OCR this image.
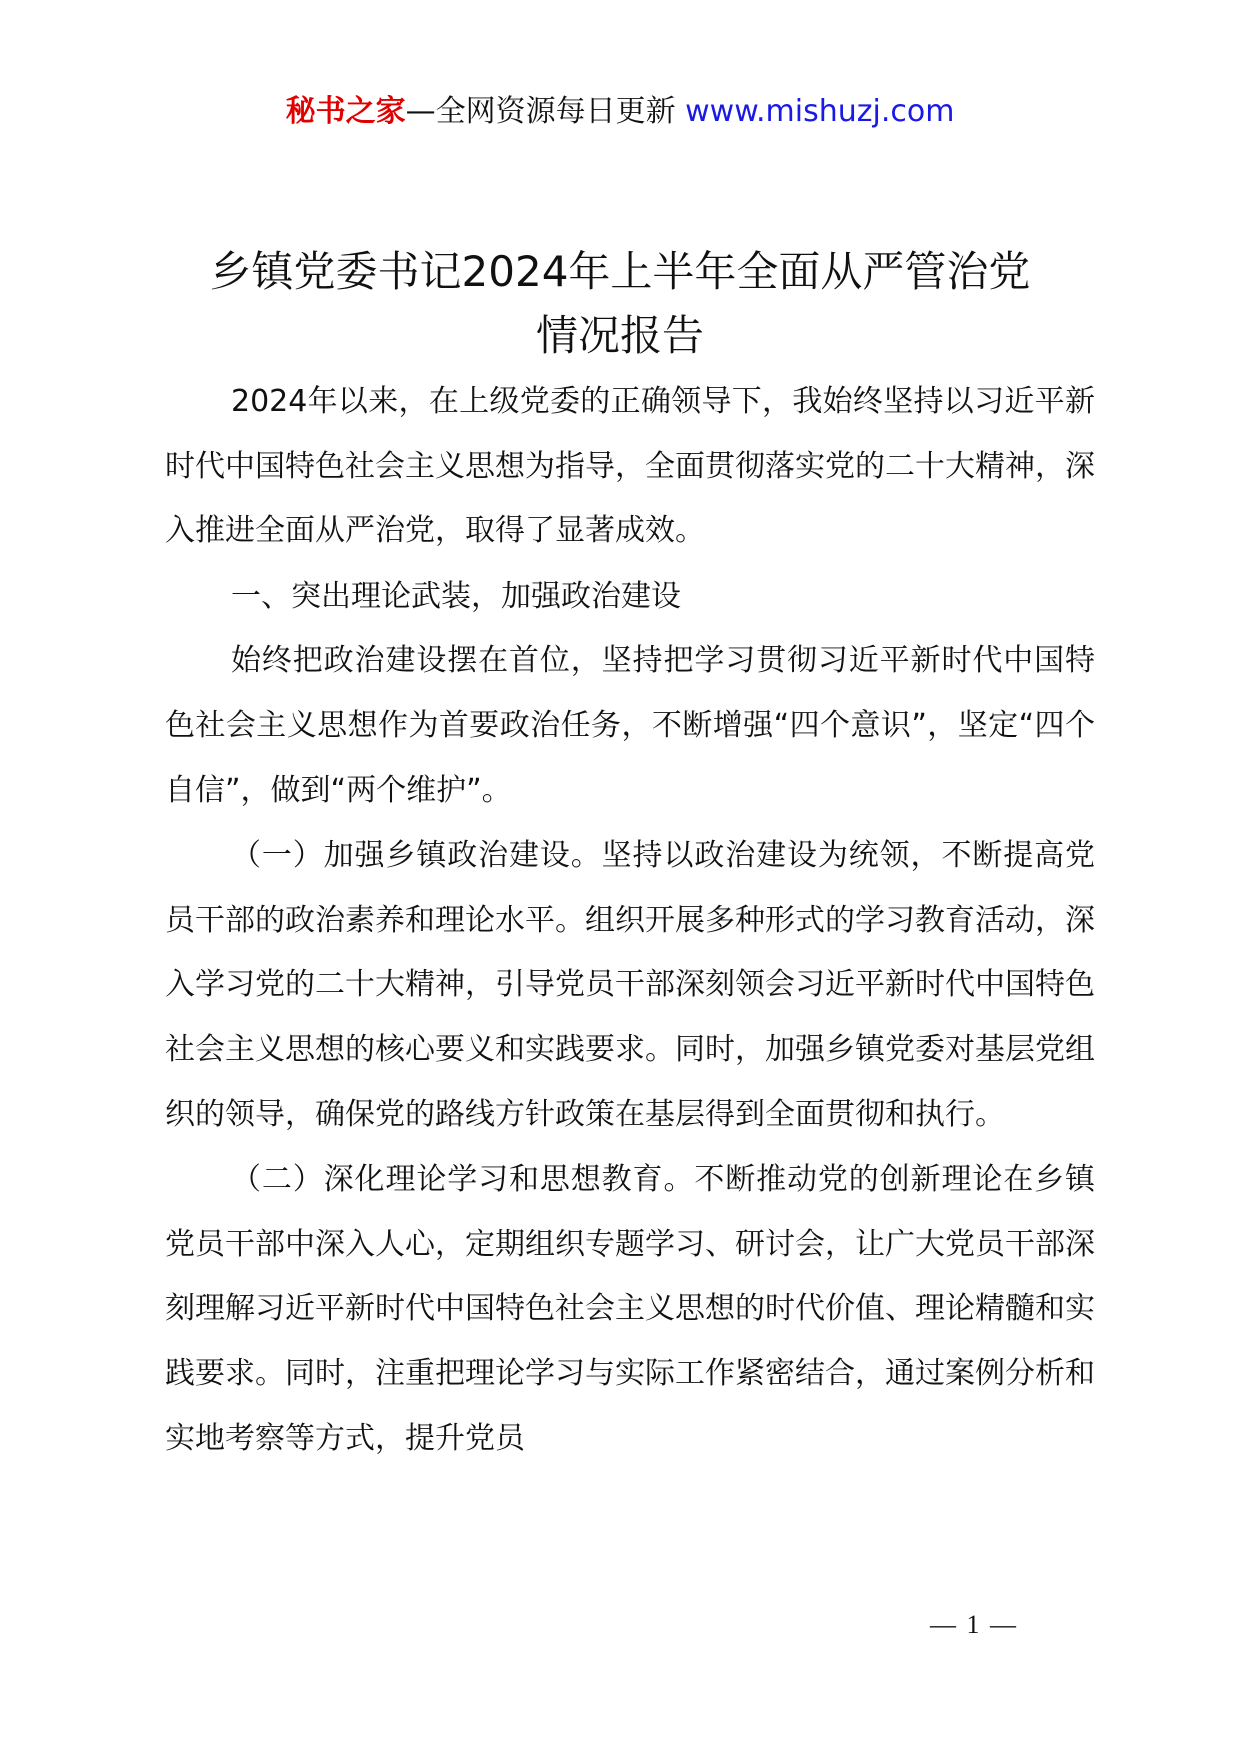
秘书之家—全网资源每日更新 www.mishuzj.com
乡镇党委书记2024年上半年全面从严管治党
情况报告

2024年以来，在上级党委的正确领导下，我始终坚持以习近平新时代中国特色社会主义思想为指导，全面贯彻落实党的二十大精神，深入推进全面从严治党，取得了显著成效。

一、突出理论武装，加强政治建设

始终把政治建设摆在首位，坚持把学习贯彻习近平新时代中国特色社会主义思想作为首要政治任务，不断增强“四个意识”，坚定“四个自信”，做到“两个维护”。

（一）加强乡镇政治建设。坚持以政治建设为统领，不断提高党员干部的政治素养和理论水平。组织开展多种形式的学习教育活动，深入学习党的二十大精神，引导党员干部深刻领会习近平新时代中国特色社会主义思想的核心要义和实践要求。同时，加强乡镇党委对基层党组织的领导，确保党的路线方针政策在基层得到全面贯彻和执行。

（二）深化理论学习和思想教育。不断推动党的创新理论在乡镇党员干部中深入人心，定期组织专题学习、研讨会，让广大党员干部深刻理解习近平新时代中国特色社会主义思想的时代价值、理论精髓和实践要求。同时，注重把理论学习与实际工作紧密结合，通过案例分析和实地考察等方式，提升党员

— 1 —
